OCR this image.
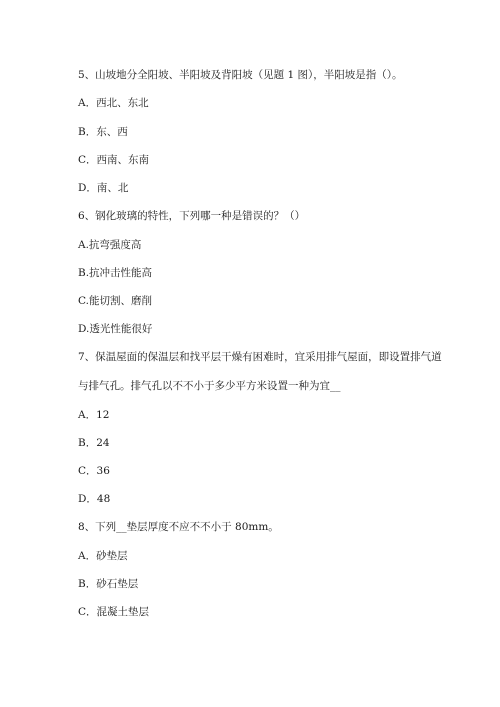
5、山坡地分全阳坡、半阳坡及背阳坡（见题 1 图），半阳坡是指（）。
A．西北、东北
B．东、西
C．西南、东南
D．南、北
6、钢化玻璃的特性，下列哪一种是错误的？（）
A.抗弯强度高
B.抗冲击性能高
C.能切割、磨削
D.透光性能很好
7、保温屋面的保温层和找平层干燥有困难时，宜采用排气屋面，即设置排气道
与排气孔。排气孔以不不小于多少平方米设置一种为宜__
A．12
B．24
C．36
D．48
8、下列__垫层厚度不应不不小于 80mm。
A．砂垫层
B．砂石垫层
C．混凝土垫层
